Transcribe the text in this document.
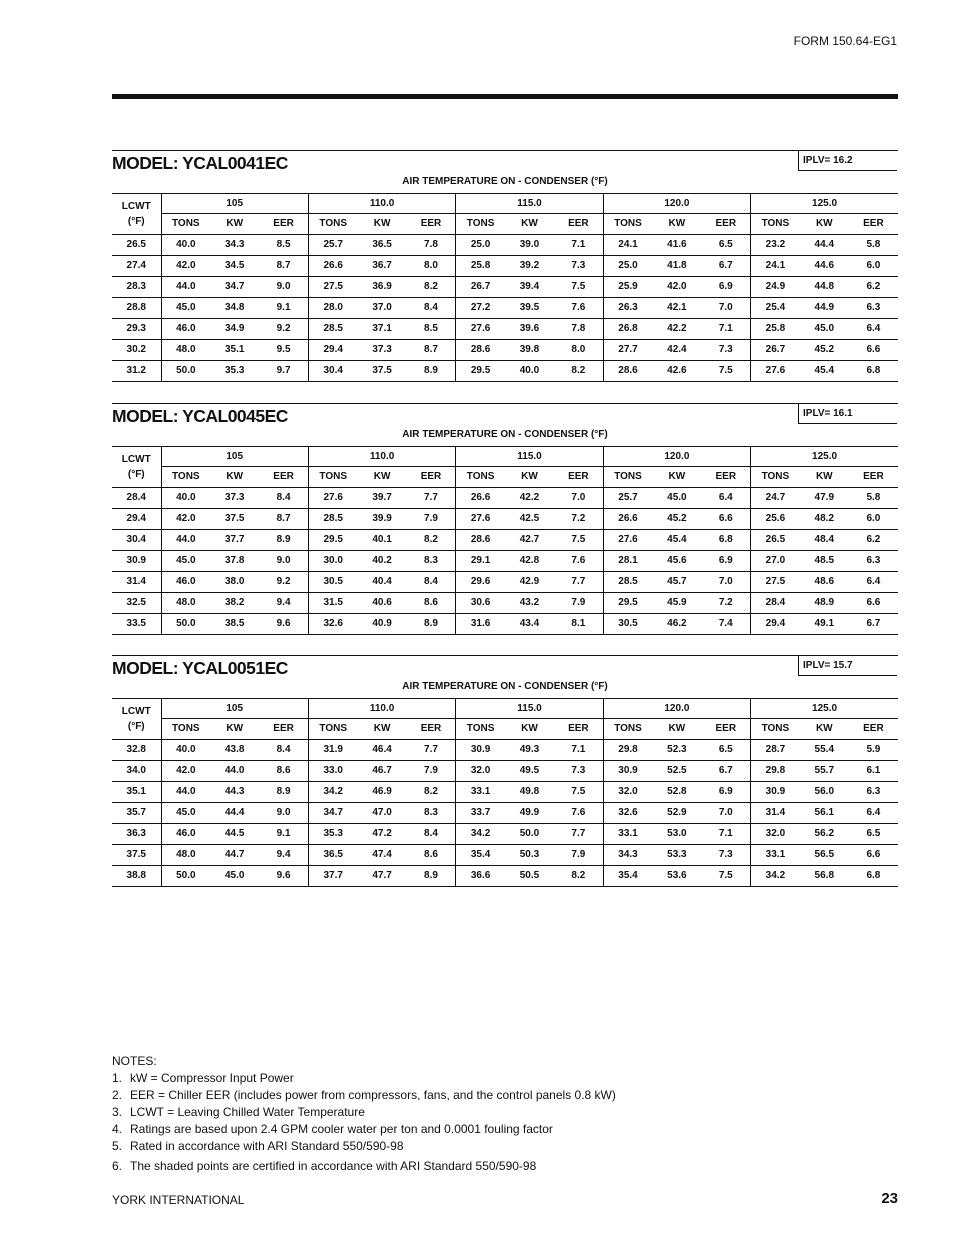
FORM 150.64-EG1
MODEL: YCAL0041EC	IPLV= 16.2
AIR TEMPERATURE ON - CONDENSER (°F)
LCWT
(°F)	105			110.0			115.0			120.0			125.0		
	TONS	KW	EER	TONS	KW	EER	TONS	KW	EER	TONS	KW	EER	TONS	KW	EER
26.5	40.0	34.3	8.5	25.7	36.5	7.8	25.0	39.0	7.1	24.1	41.6	6.5	23.2	44.4	5.8
27.4	42.0	34.5	8.7	26.6	36.7	8.0	25.8	39.2	7.3	25.0	41.8	6.7	24.1	44.6	6.0
28.3	44.0	34.7	9.0	27.5	36.9	8.2	26.7	39.4	7.5	25.9	42.0	6.9	24.9	44.8	6.2
28.8	45.0	34.8	9.1	28.0	37.0	8.4	27.2	39.5	7.6	26.3	42.1	7.0	25.4	44.9	6.3
29.3	46.0	34.9	9.2	28.5	37.1	8.5	27.6	39.6	7.8	26.8	42.2	7.1	25.8	45.0	6.4
30.2	48.0	35.1	9.5	29.4	37.3	8.7	28.6	39.8	8.0	27.7	42.4	7.3	26.7	45.2	6.6
31.2	50.0	35.3	9.7	30.4	37.5	8.9	29.5	40.0	8.2	28.6	42.6	7.5	27.6	45.4	6.8
MODEL: YCAL0045EC	IPLV= 16.1
AIR TEMPERATURE ON - CONDENSER (°F)
LCWT
(°F)	105			110.0			115.0			120.0			125.0		
	TONS	KW	EER	TONS	KW	EER	TONS	KW	EER	TONS	KW	EER	TONS	KW	EER
28.4	40.0	37.3	8.4	27.6	39.7	7.7	26.6	42.2	7.0	25.7	45.0	6.4	24.7	47.9	5.8
29.4	42.0	37.5	8.7	28.5	39.9	7.9	27.6	42.5	7.2	26.6	45.2	6.6	25.6	48.2	6.0
30.4	44.0	37.7	8.9	29.5	40.1	8.2	28.6	42.7	7.5	27.6	45.4	6.8	26.5	48.4	6.2
30.9	45.0	37.8	9.0	30.0	40.2	8.3	29.1	42.8	7.6	28.1	45.6	6.9	27.0	48.5	6.3
31.4	46.0	38.0	9.2	30.5	40.4	8.4	29.6	42.9	7.7	28.5	45.7	7.0	27.5	48.6	6.4
32.5	48.0	38.2	9.4	31.5	40.6	8.6	30.6	43.2	7.9	29.5	45.9	7.2	28.4	48.9	6.6
33.5	50.0	38.5	9.6	32.6	40.9	8.9	31.6	43.4	8.1	30.5	46.2	7.4	29.4	49.1	6.7
MODEL: YCAL0051EC	IPLV= 15.7
AIR TEMPERATURE ON - CONDENSER (°F)
LCWT
(°F)	105			110.0			115.0			120.0			125.0		
	TONS	KW	EER	TONS	KW	EER	TONS	KW	EER	TONS	KW	EER	TONS	KW	EER
32.8	40.0	43.8	8.4	31.9	46.4	7.7	30.9	49.3	7.1	29.8	52.3	6.5	28.7	55.4	5.9
34.0	42.0	44.0	8.6	33.0	46.7	7.9	32.0	49.5	7.3	30.9	52.5	6.7	29.8	55.7	6.1
35.1	44.0	44.3	8.9	34.2	46.9	8.2	33.1	49.8	7.5	32.0	52.8	6.9	30.9	56.0	6.3
35.7	45.0	44.4	9.0	34.7	47.0	8.3	33.7	49.9	7.6	32.6	52.9	7.0	31.4	56.1	6.4
36.3	46.0	44.5	9.1	35.3	47.2	8.4	34.2	50.0	7.7	33.1	53.0	7.1	32.0	56.2	6.5
37.5	48.0	44.7	9.4	36.5	47.4	8.6	35.4	50.3	7.9	34.3	53.3	7.3	33.1	56.5	6.6
38.8	50.0	45.0	9.6	37.7	47.7	8.9	36.6	50.5	8.2	35.4	53.6	7.5	34.2	56.8	6.8
NOTES:
1. kW = Compressor Input Power
2. EER = Chiller EER (includes power from compressors, fans, and the control panels 0.8 kW)
3. LCWT = Leaving Chilled Water Temperature
4. Ratings are based upon 2.4 GPM cooler water per ton and 0.0001 fouling factor
5. Rated in accordance with ARI Standard 550/590-98
6. The shaded points are certified in accordance with ARI Standard 550/590-98
YORK INTERNATIONAL	23
